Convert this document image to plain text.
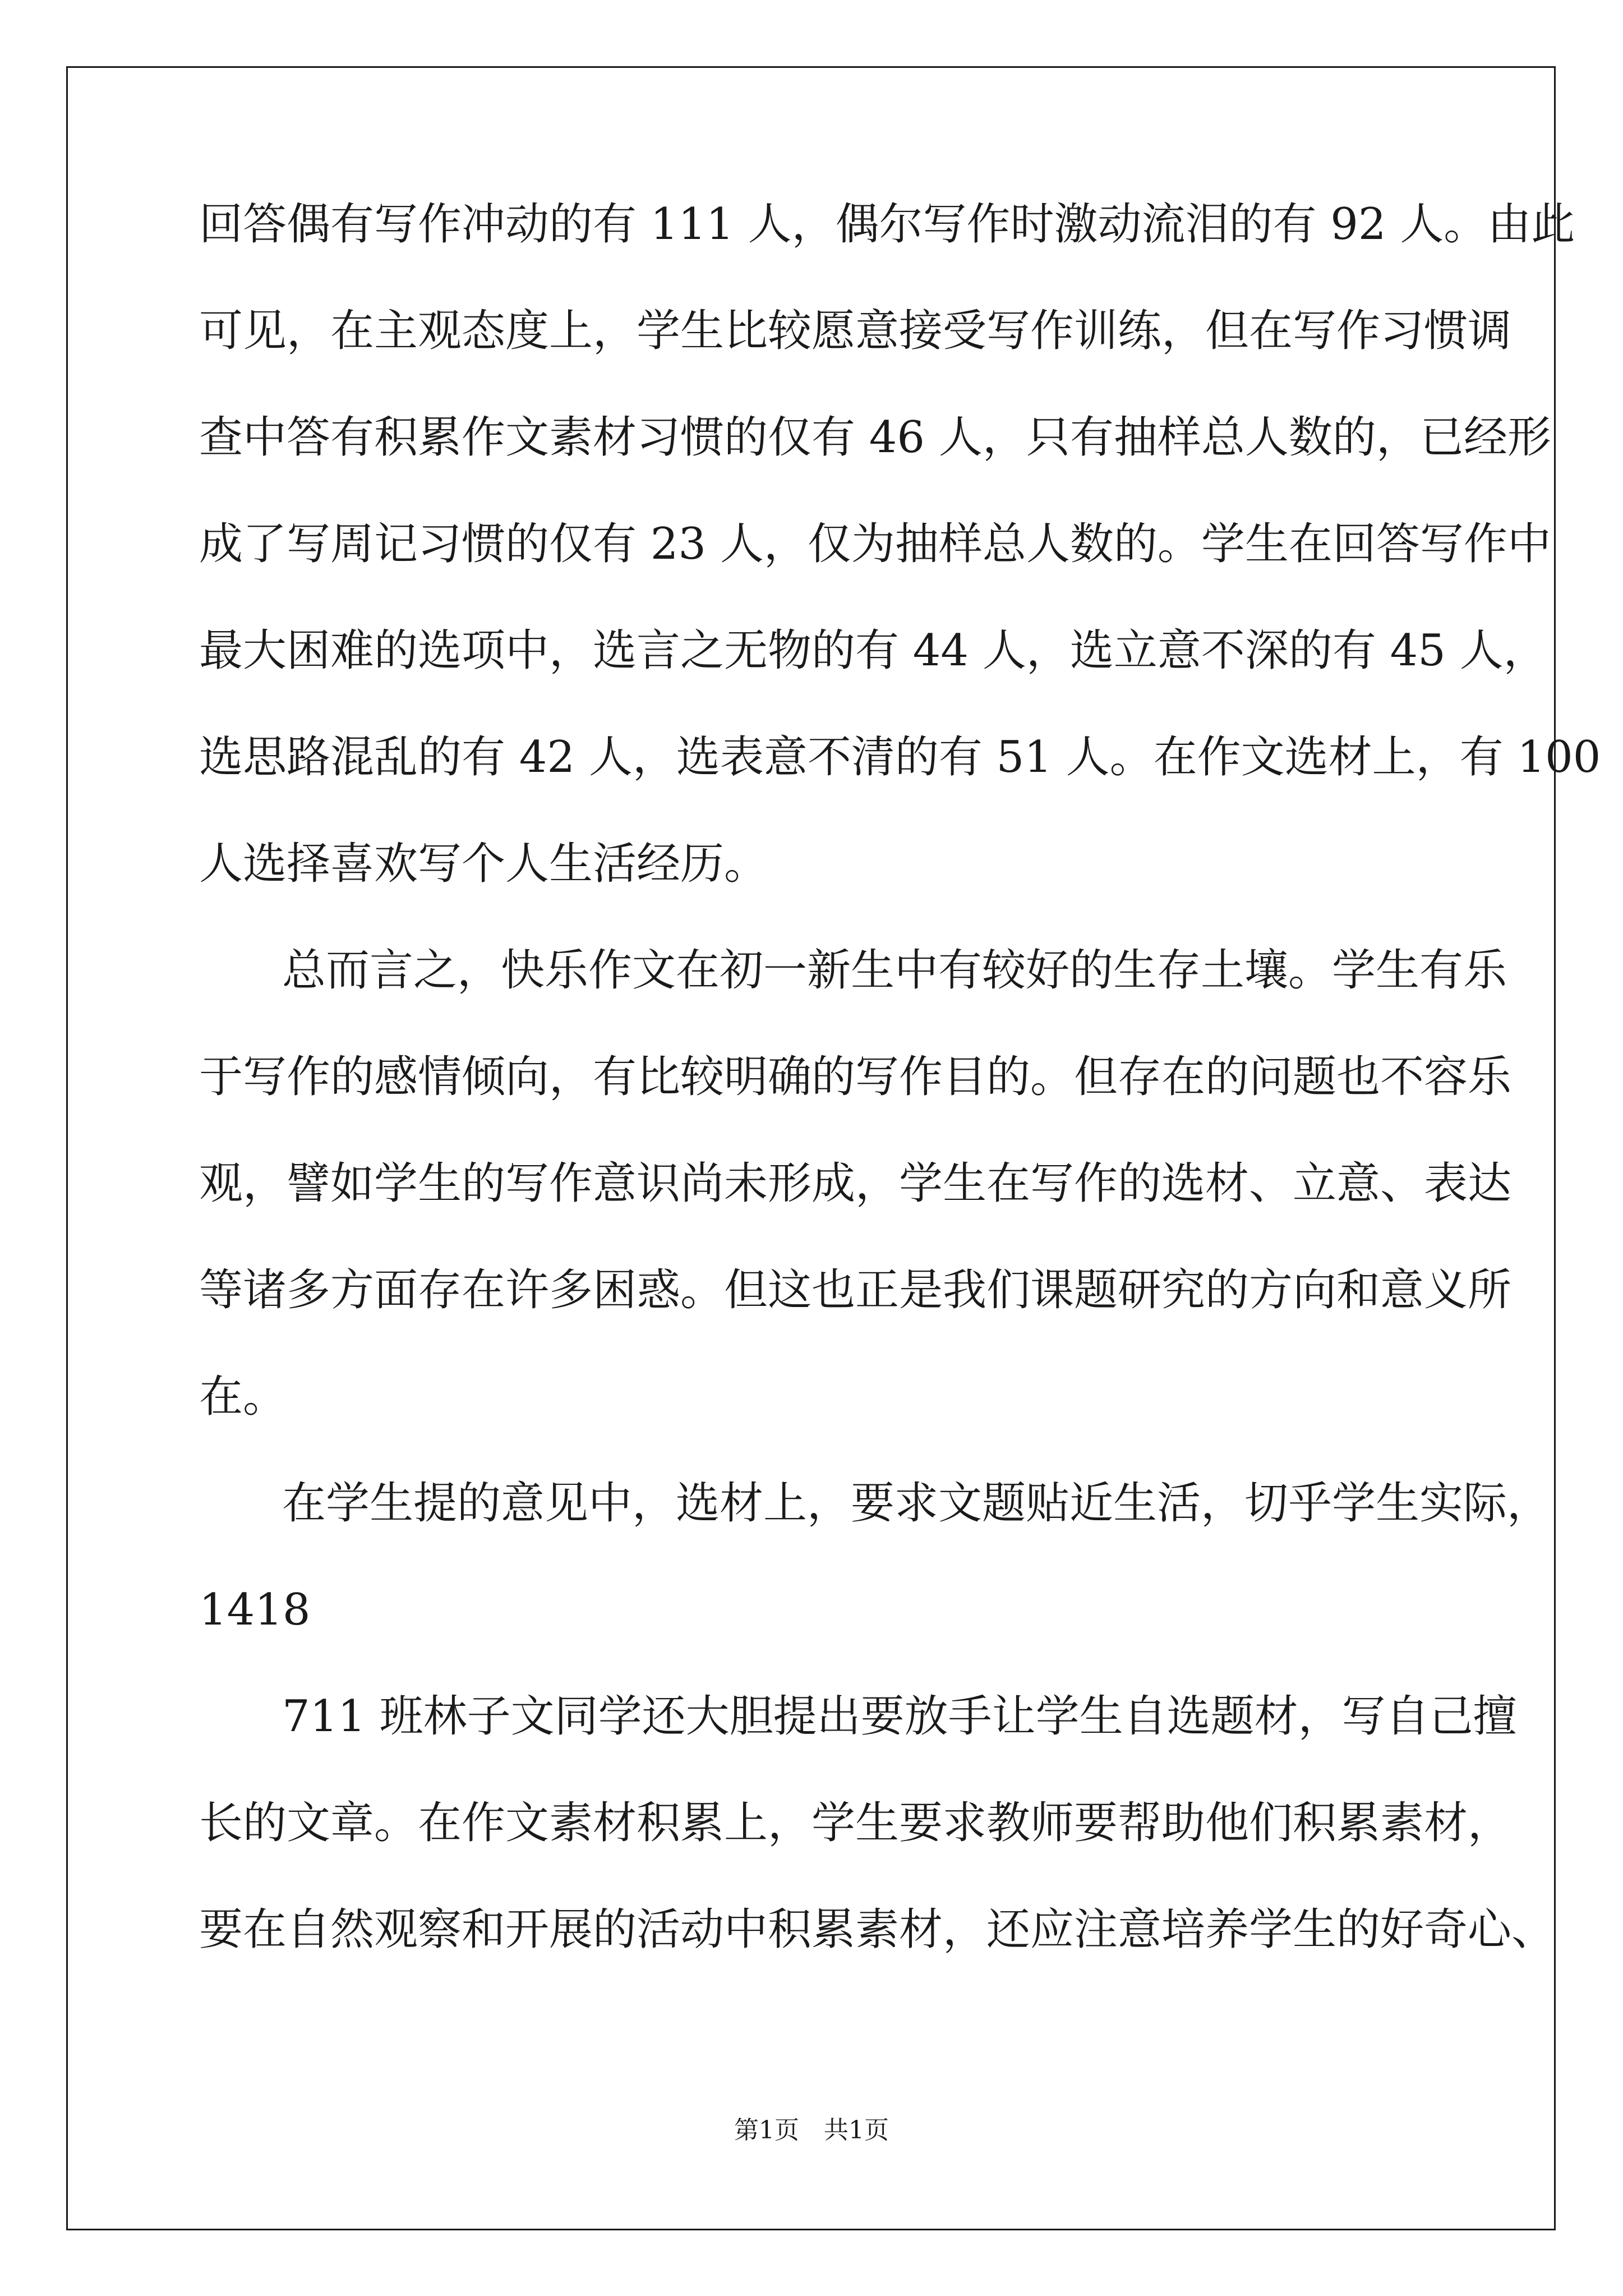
回答偶有写作冲动的有 111 人，偶尔写作时激动流泪的有 92 人。由此
可见，在主观态度上，学生比较愿意接受写作训练，但在写作习惯调
查中答有积累作文素材习惯的仅有 46 人，只有抽样总人数的，已经形
成了写周记习惯的仅有 23 人，仅为抽样总人数的。学生在回答写作中
最大困难的选项中，选言之无物的有 44 人，选立意不深的有 45 人，
选思路混乱的有 42 人，选表意不清的有 51 人。在作文选材上，有 100
人选择喜欢写个人生活经历。
总而言之，快乐作文在初一新生中有较好的生存土壤。学生有乐
于写作的感情倾向，有比较明确的写作目的。但存在的问题也不容乐
观，譬如学生的写作意识尚未形成，学生在写作的选材、立意、表达
等诸多方面存在许多困惑。但这也正是我们课题研究的方向和意义所
在。
在学生提的意见中，选材上，要求文题贴近生活，切乎学生实际，
1418
711 班林子文同学还大胆提出要放手让学生自选题材，写自己擅
长的文章。在作文素材积累上，学生要求教师要帮助他们积累素材，
要在自然观察和开展的活动中积累素材，还应注意培养学生的好奇心、
第1页　共1页
